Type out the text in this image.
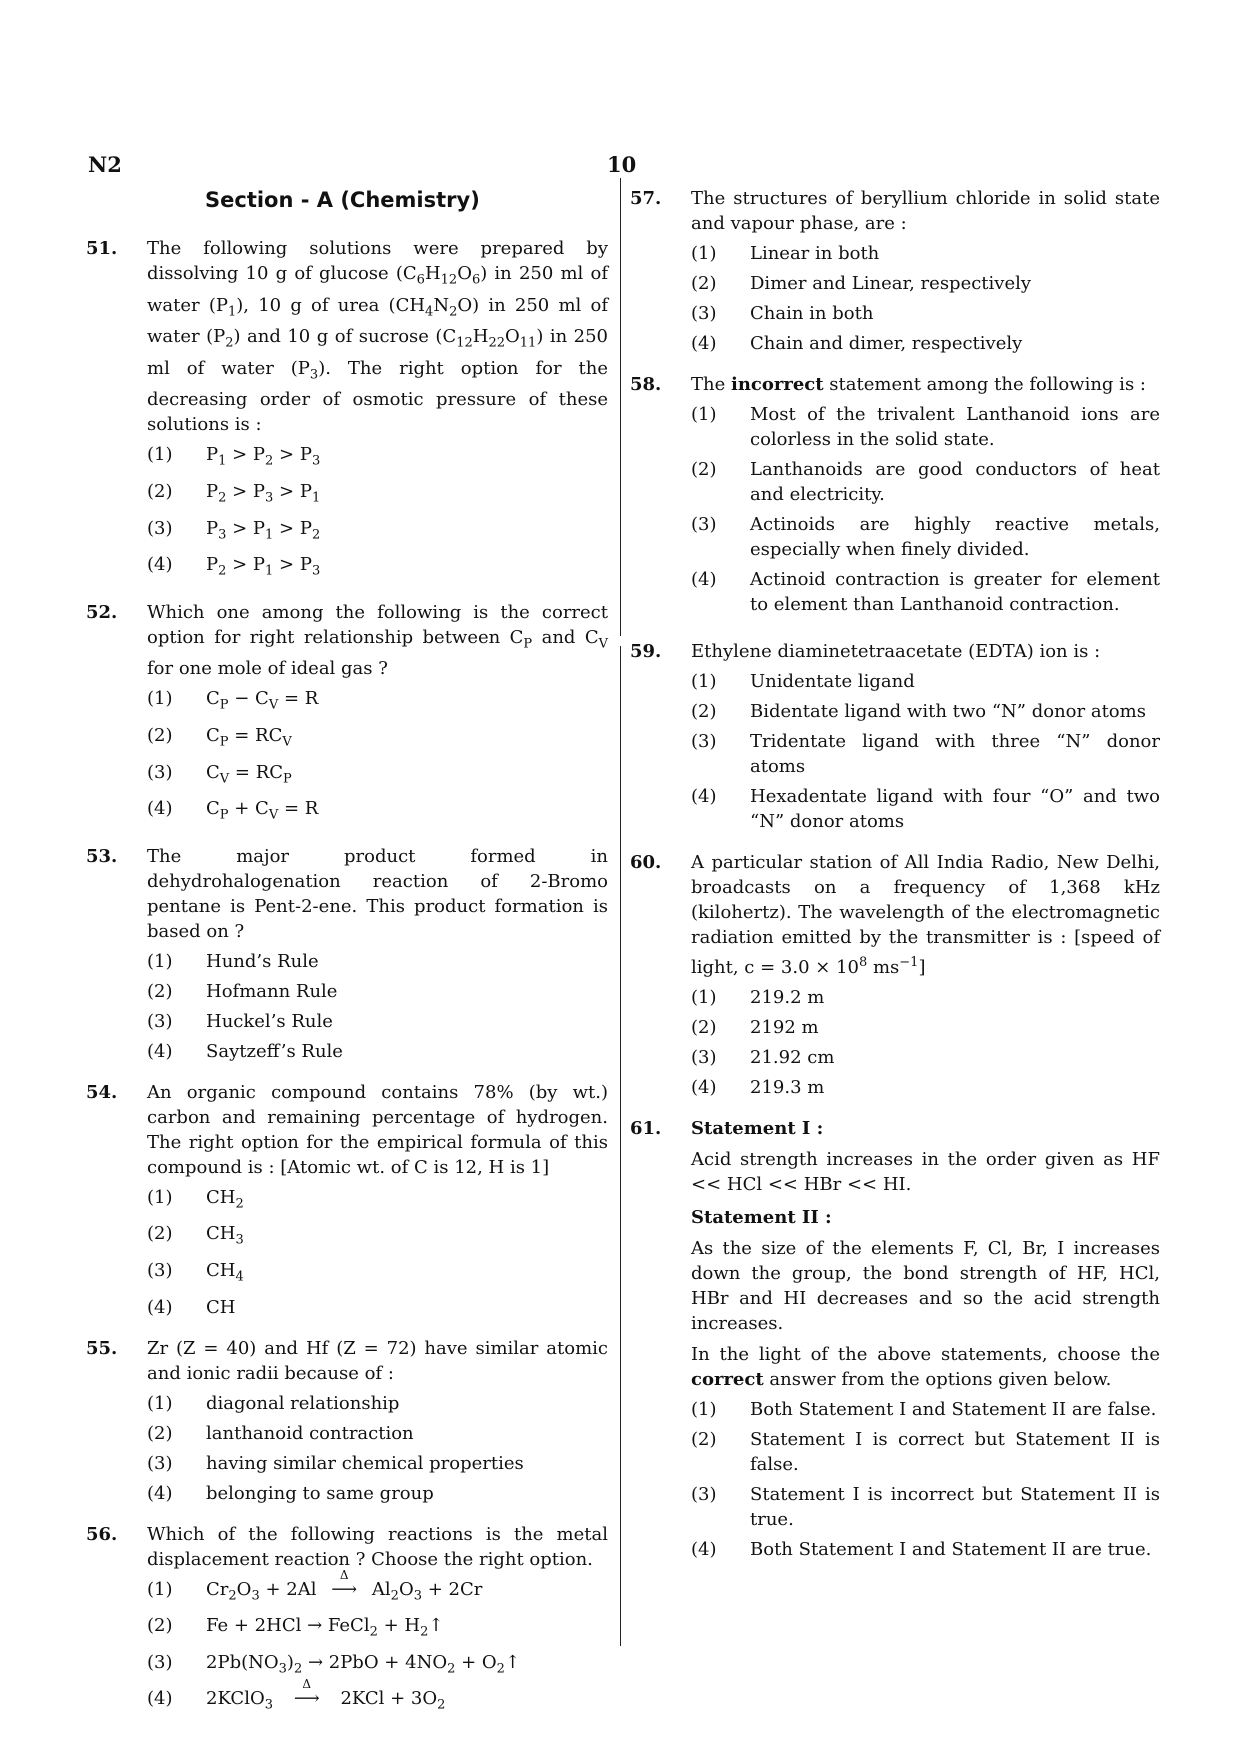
N2	10
Section - A (Chemistry)
51. The following solutions were prepared by dissolving 10 g of glucose $(C_6H_{12}O_6)$ in 250 ml of water $(P_1)$, 10 g of urea $(CH_4N_2O)$ in 250 ml of water $(P_2)$ and 10 g of sucrose $(C_{12}H_{22}O_{11})$ in 250 ml of water $(P_3)$. The right option for the decreasing order of osmotic pressure of these solutions is :
(1) $P_1 > P_2 > P_3$
(2) $P_2 > P_3 > P_1$
(3) $P_3 > P_1 > P_2$
(4) $P_2 > P_1 > P_3$
52. Which one among the following is the correct option for right relationship between $C_P$ and $C_V$ for one mole of ideal gas ?
(1) $C_P - C_V = R$
(2) $C_P = RC_V$
(3) $C_V = RC_P$
(4) $C_P + C_V = R$
53. The major product formed in dehydrohalogenation reaction of 2-Bromo pentane is Pent-2-ene. This product formation is based on ?
(1) Hund’s Rule
(2) Hofmann Rule
(3) Huckel’s Rule
(4) Saytzeff’s Rule
54. An organic compound contains 78% (by wt.) carbon and remaining percentage of hydrogen. The right option for the empirical formula of this compound is : [Atomic wt. of C is 12, H is 1]
(1) $CH_2$
(2) $CH_3$
(3) $CH_4$
(4) CH
55. Zr (Z = 40) and Hf (Z = 72) have similar atomic and ionic radii because of :
(1) diagonal relationship
(2) lanthanoid contraction
(3) having similar chemical properties
(4) belonging to same group
56. Which of the following reactions is the metal displacement reaction ? Choose the right option.
(1) $Cr_2O_3 + 2Al$
Δ
⟶ $Al_2O_3 + 2Cr$
(2) Fe + 2HCl → FeCl$_2$ + $H_2↑$
(3) $2Pb(NO_3)_2 \to 2PbO + 4NO_2$ + $O_2↑$
(4) 2KClO$_3$
Δ
⟶ $2KCl + 3O_2$
57. The structures of beryllium chloride in solid state and vapour phase, are :
(1) Linear in both
(2) Dimer and Linear, respectively
(3) Chain in both
(4) Chain and dimer, respectively
58. The incorrect statement among the following is :
(1) Most of the trivalent Lanthanoid ions are colorless in the solid state.
(2) Lanthanoids are good conductors of heat and electricity.
(3) Actinoids are highly reactive metals, especially when finely divided.
(4) Actinoid contraction is greater for element to element than Lanthanoid contraction.
59. Ethylene diaminetetraacetate (EDTA) ion is :
(1) Unidentate ligand
(2) Bidentate ligand with two “N” donor atoms
(3) Tridentate ligand with three “N” donor atoms
(4) Hexadentate ligand with four “O” and two “N” donor atoms
60. A particular station of All India Radio, New Delhi, broadcasts on a frequency of 1,368 kHz (kilohertz). The wavelength of the electromagnetic radiation emitted by the transmitter is : [speed of light, $c = 3.0 \times 10^8$ $ms^{-1}$]
(1) 219.2 m
(2) 2192 m
(3) 21.92 cm
(4) 219.3 m
61. Statement I :
Acid strength increases in the order given as HF << HCl << HBr << HI.
Statement II :
As the size of the elements F, Cl, Br, I increases down the group, the bond strength of HF, HCl, HBr and HI decreases and so the acid strength increases.
In the light of the above statements, choose the correct answer from the options given below.
(1) Both Statement I and Statement II are false.
(2) Statement I is correct but Statement II is false.
(3) Statement I is incorrect but Statement II is true.
(4) Both Statement I and Statement II are true.
